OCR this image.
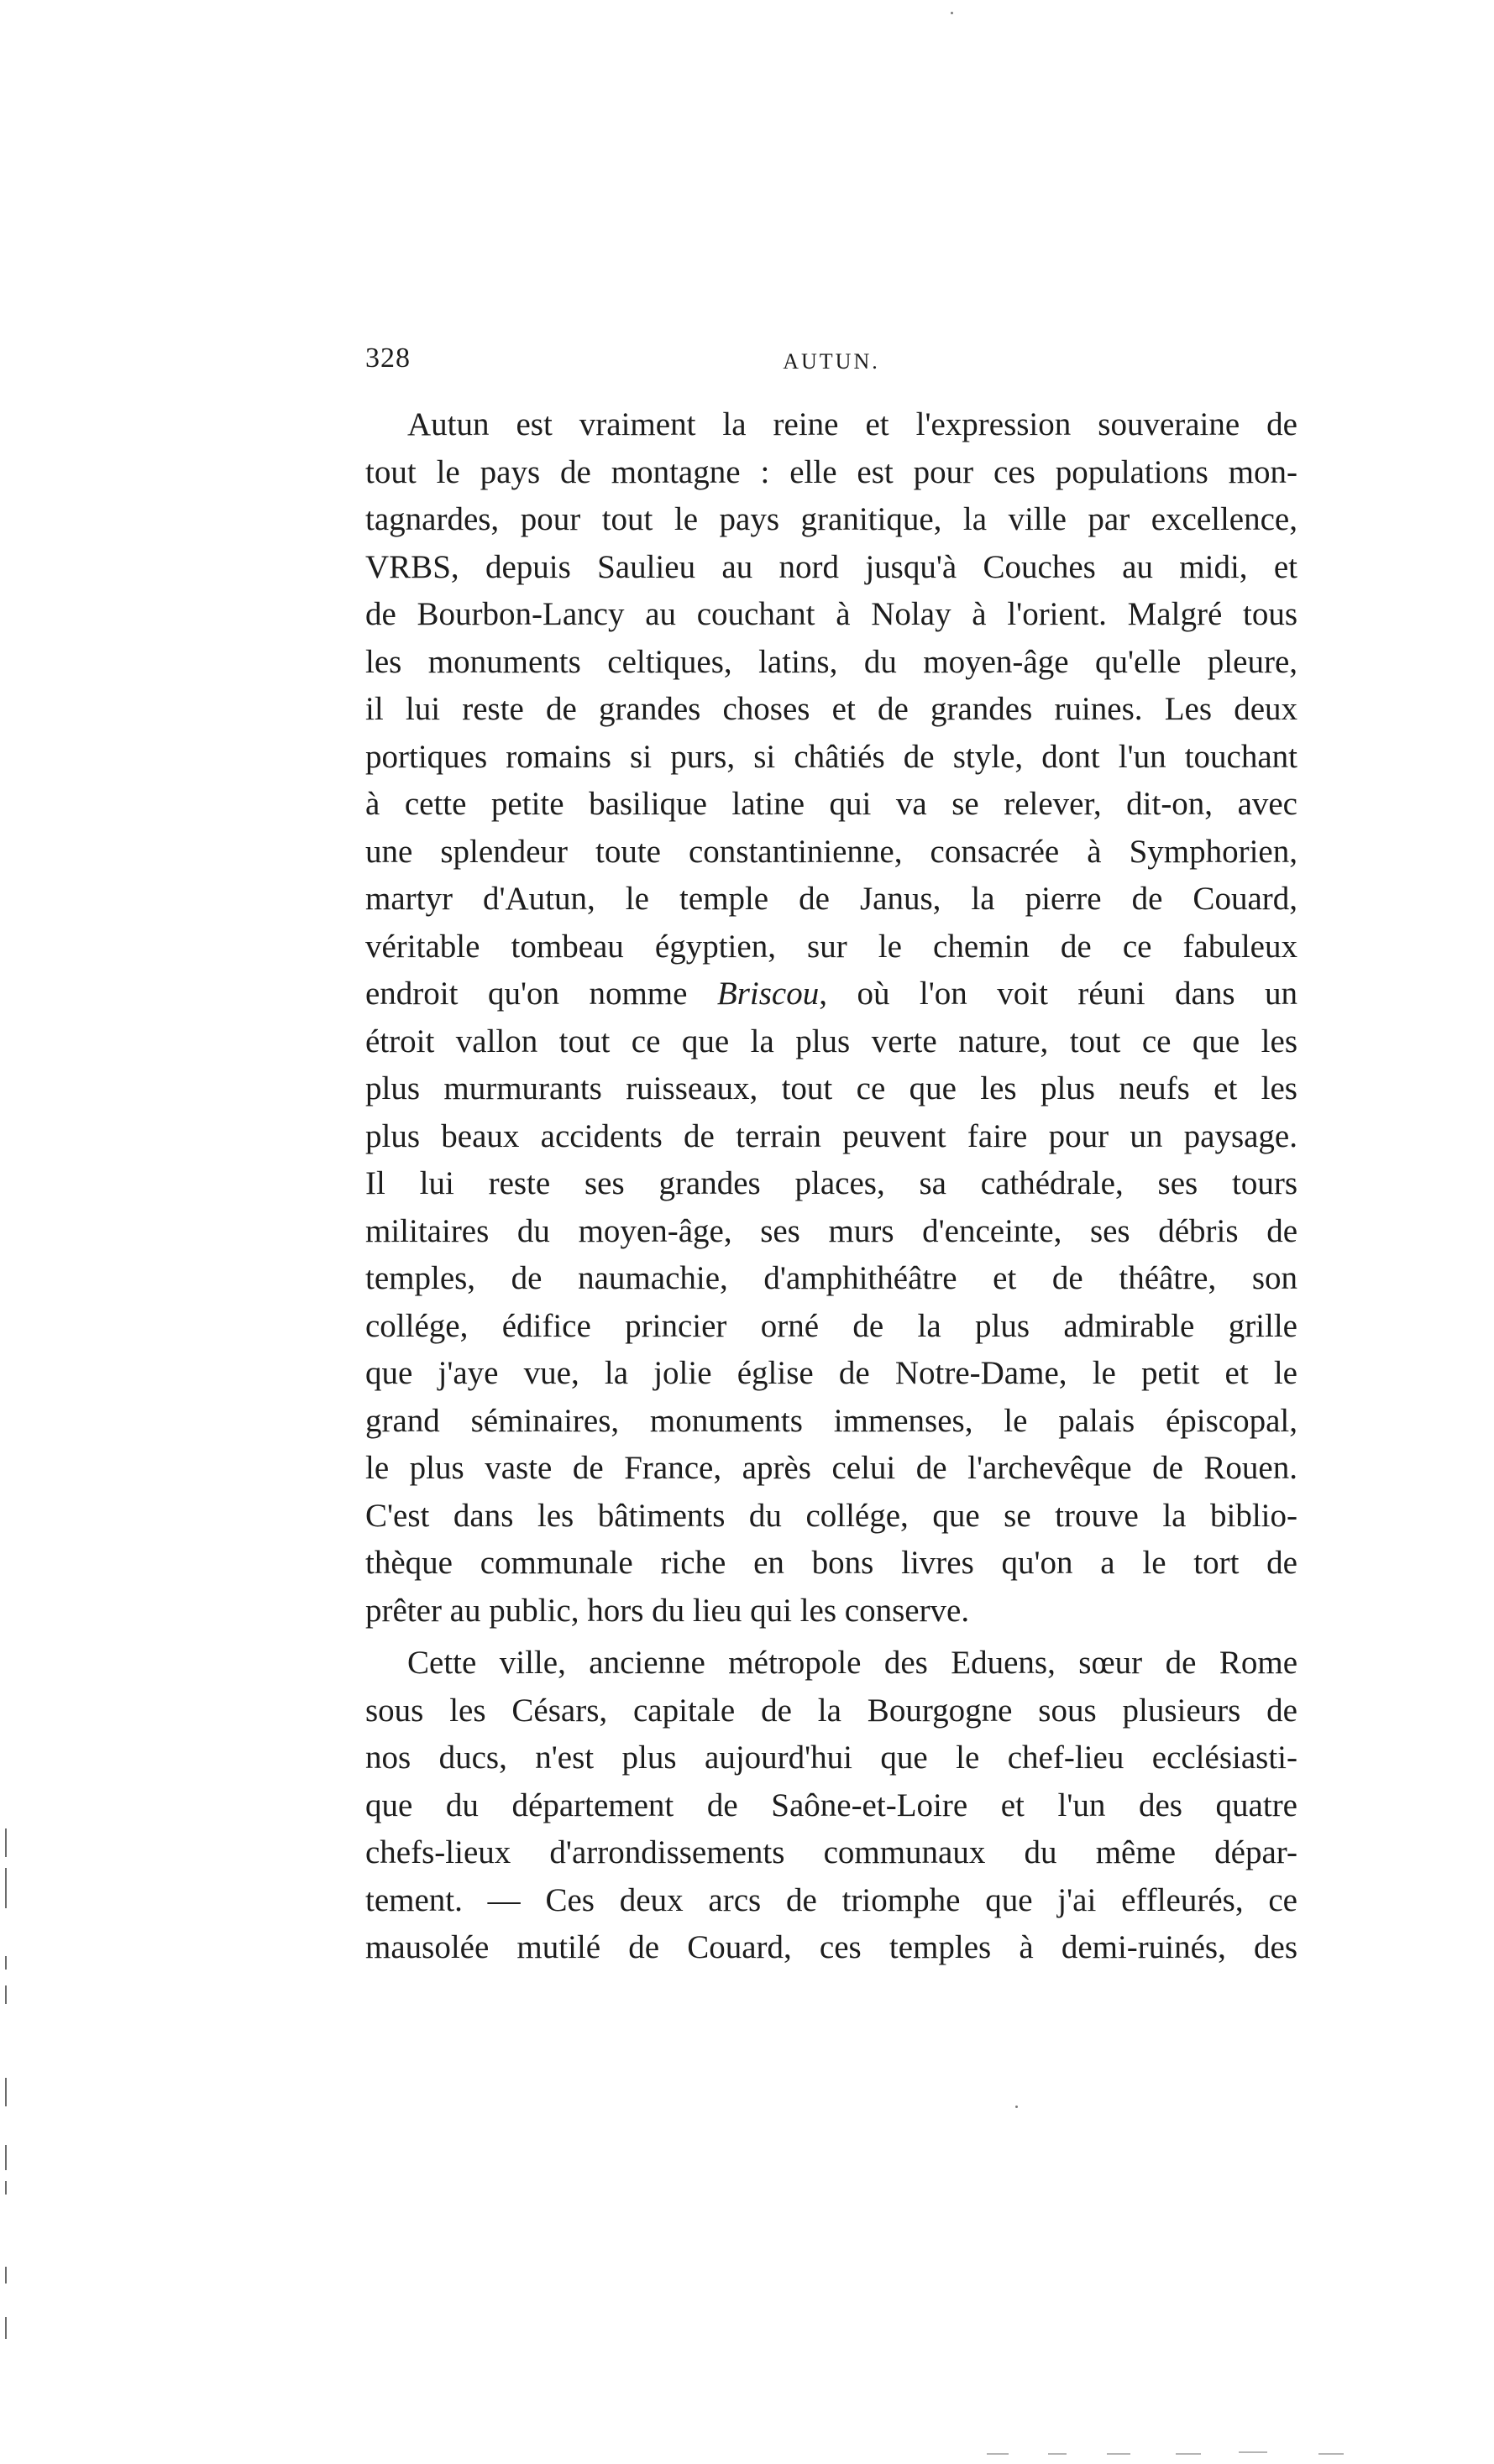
328	AUTUN.
Autun est vraiment la reine et l'expression souveraine de
tout le pays de montagne : elle est pour ces populations mon-
tagnardes, pour tout le pays granitique, la ville par excellence,
VRBS, depuis Saulieu au nord jusqu'à Couches au midi, et
de Bourbon-Lancy au couchant à Nolay à l'orient. Malgré tous
les monuments celtiques, latins, du moyen-âge qu'elle pleure,
il lui reste de grandes choses et de grandes ruines. Les deux
portiques romains si purs, si châtiés de style, dont l'un touchant
à cette petite basilique latine qui va se relever, dit-on, avec
une splendeur toute constantinienne, consacrée à Symphorien,
martyr d'Autun, le temple de Janus, la pierre de Couard,
véritable tombeau égyptien, sur le chemin de ce fabuleux
endroit qu'on nomme Briscou, où l'on voit réuni dans un
étroit vallon tout ce que la plus verte nature, tout ce que les
plus murmurants ruisseaux, tout ce que les plus neufs et les
plus beaux accidents de terrain peuvent faire pour un paysage.
Il lui reste ses grandes places, sa cathédrale, ses tours
militaires du moyen-âge, ses murs d'enceinte, ses débris de
temples, de naumachie, d'amphithéâtre et de théâtre, son
collége, édifice princier orné de la plus admirable grille
que j'aye vue, la jolie église de Notre-Dame, le petit et le
grand séminaires, monuments immenses, le palais épiscopal,
le plus vaste de France, après celui de l'archevêque de Rouen.
C'est dans les bâtiments du collége, que se trouve la biblio-
thèque communale riche en bons livres qu'on a le tort de
prêter au public, hors du lieu qui les conserve.
Cette ville, ancienne métropole des Eduens, sœur de Rome
sous les Césars, capitale de la Bourgogne sous plusieurs de
nos ducs, n'est plus aujourd'hui que le chef-lieu ecclésiasti-
que du département de Saône-et-Loire et l'un des quatre
chefs-lieux d'arrondissements communaux du même dépar-
tement. — Ces deux arcs de triomphe que j'ai effleurés, ce
mausolée mutilé de Couard, ces temples à demi-ruinés, des
